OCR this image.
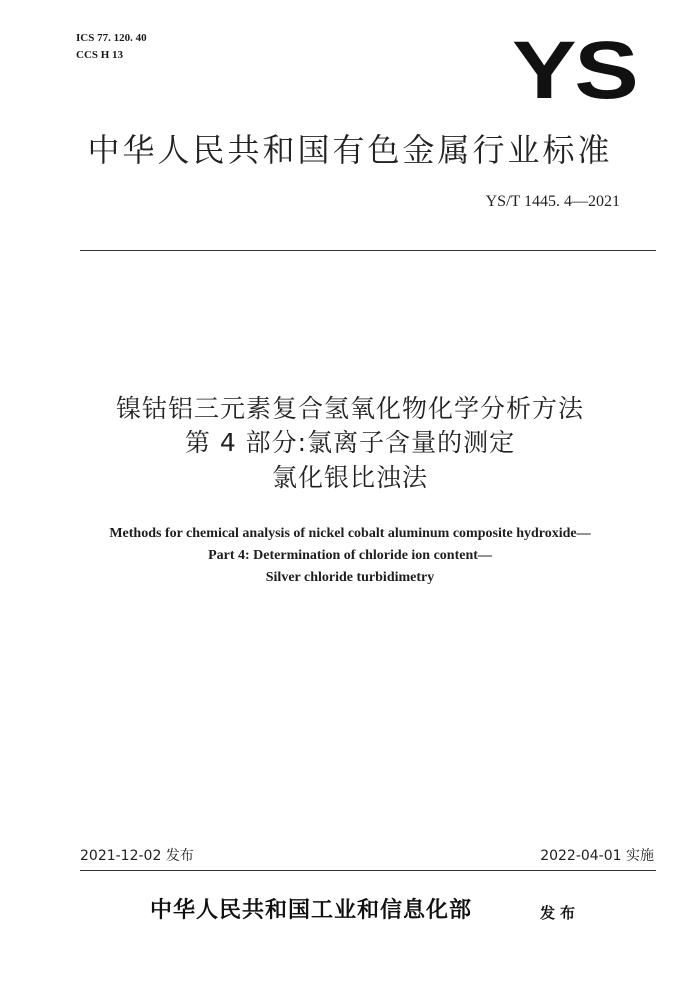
ICS 77. 120. 40
CCS H 13	YS
中华人民共和国有色金属行业标准
YS/T 1445. 4—2021
镍钴铝三元素复合氢氧化物化学分析方法
第 4 部分:氯离子含量的测定
氯化银比浊法
Methods for chemical analysis of nickel cobalt aluminum composite hydroxide—
Part 4: Determination of chloride ion content—
Silver chloride turbidimetry
2021-12-02 发布	2022-04-01 实施
中华人民共和国工业和信息化部	发布
